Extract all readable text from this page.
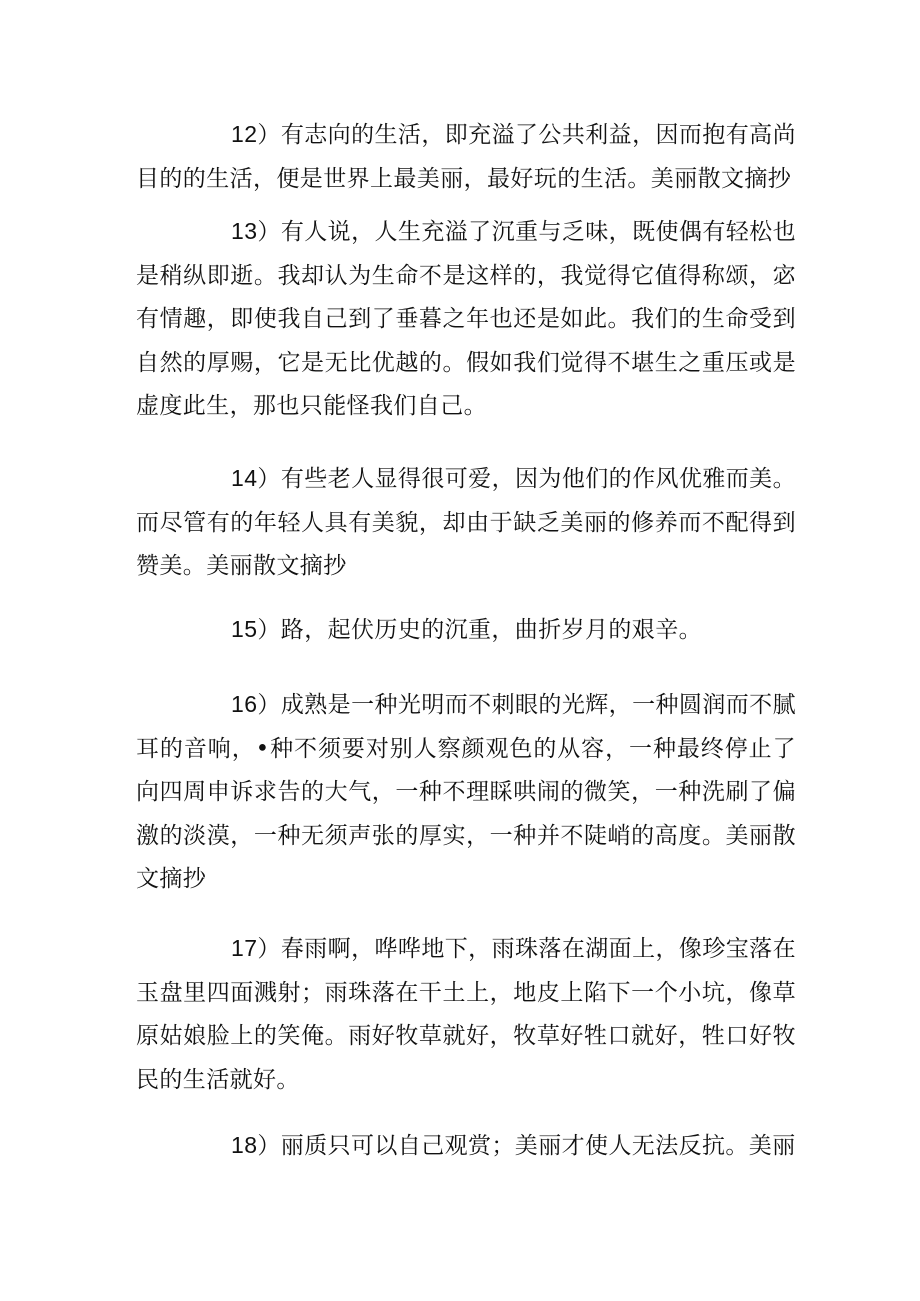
12）有志向的生活，即充溢了公共利益，因而抱有高尚目的的生活，便是世界上最美丽，最好玩的生活。美丽散文摘抄

13）有人说，人生充溢了沉重与乏味，既使偶有轻松也是稍纵即逝。我却认为生命不是这样的，我觉得它值得称颂，宓有情趣，即使我自己到了垂暮之年也还是如此。我们的生命受到自然的厚赐，它是无比优越的。假如我们觉得不堪生之重压或是虚度此生，那也只能怪我们自己。

14）有些老人显得很可爱，因为他们的作风优雅而美。而尽管有的年轻人具有美貌，却由于缺乏美丽的修养而不配得到赞美。美丽散文摘抄

15）路，起伏历史的沉重，曲折岁月的艰辛。

16）成熟是一种光明而不刺眼的光辉，一种圆润而不腻耳的音响，•种不须要对别人察颜观色的从容，一种最终停止了向四周申诉求告的大气，一种不理睬哄闹的微笑，一种洗刷了偏激的淡漠，一种无须声张的厚实，一种并不陡峭的高度。美丽散文摘抄

17）春雨啊，哗哗地下，雨珠落在湖面上，像珍宝落在玉盘里四面溅射；雨珠落在干土上，地皮上陷下一个小坑，像草原姑娘脸上的笑俺。雨好牧草就好，牧草好牲口就好，牲口好牧民的生活就好。

18）丽质只可以自己观赏；美丽才使人无法反抗。美丽
